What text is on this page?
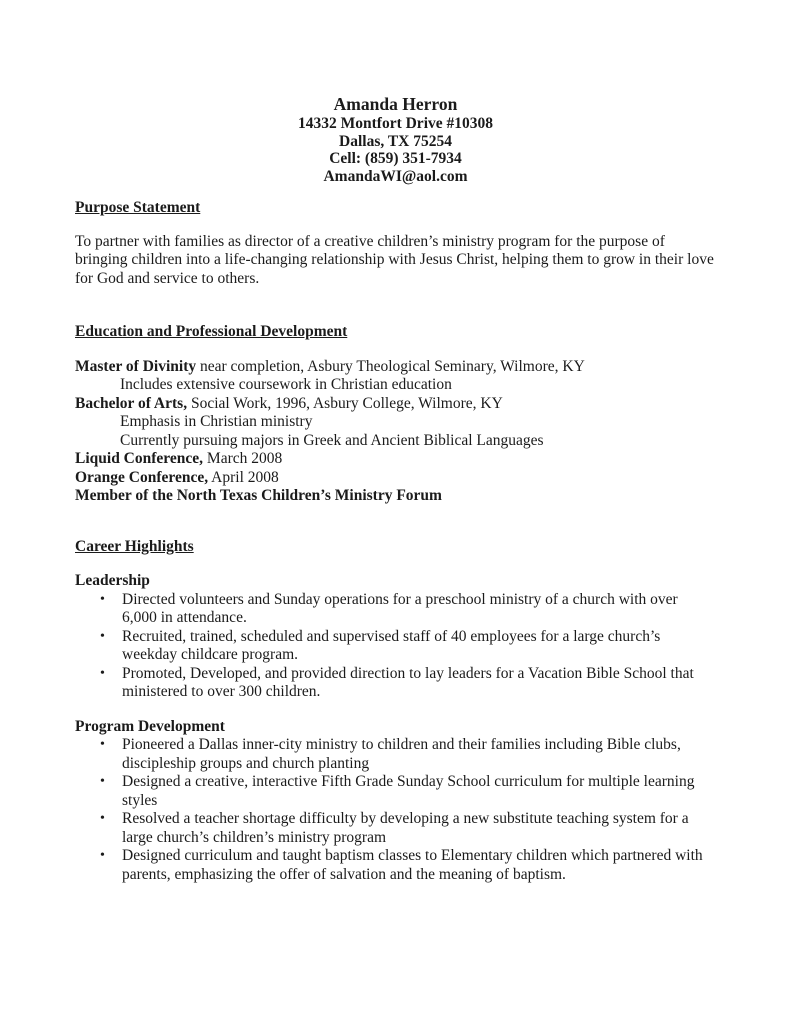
Amanda Herron
14332 Montfort Drive #10308
Dallas, TX 75254
Cell: (859) 351-7934
AmandaWI@aol.com
Purpose Statement
To partner with families as director of a creative children’s ministry program for the purpose of bringing children into a life-changing relationship with Jesus Christ, helping them to grow in their love for God and service to others.
Education and Professional Development
Master of Divinity near completion, Asbury Theological Seminary, Wilmore, KY
Includes extensive coursework in Christian education
Bachelor of Arts, Social Work, 1996, Asbury College, Wilmore, KY
Emphasis in Christian ministry
Currently pursuing majors in Greek and Ancient Biblical Languages
Liquid Conference, March 2008
Orange Conference, April 2008
Member of the North Texas Children’s Ministry Forum
Career Highlights
Leadership
•	Directed volunteers and Sunday operations for a preschool ministry of a church with over 6,000 in attendance.
•	Recruited, trained, scheduled and supervised staff of 40 employees for a large church’s weekday childcare program.
•	Promoted, Developed, and provided direction to lay leaders for a Vacation Bible School that ministered to over 300 children.
Program Development
•	Pioneered a Dallas inner-city ministry to children and their families including Bible clubs, discipleship groups and church planting
•	Designed a creative, interactive Fifth Grade Sunday School curriculum for multiple learning styles
•	Resolved a teacher shortage difficulty by developing a new substitute teaching system for a large church’s children’s ministry program
•	Designed curriculum and taught baptism classes to Elementary children which partnered with parents, emphasizing the offer of salvation and the meaning of baptism.
